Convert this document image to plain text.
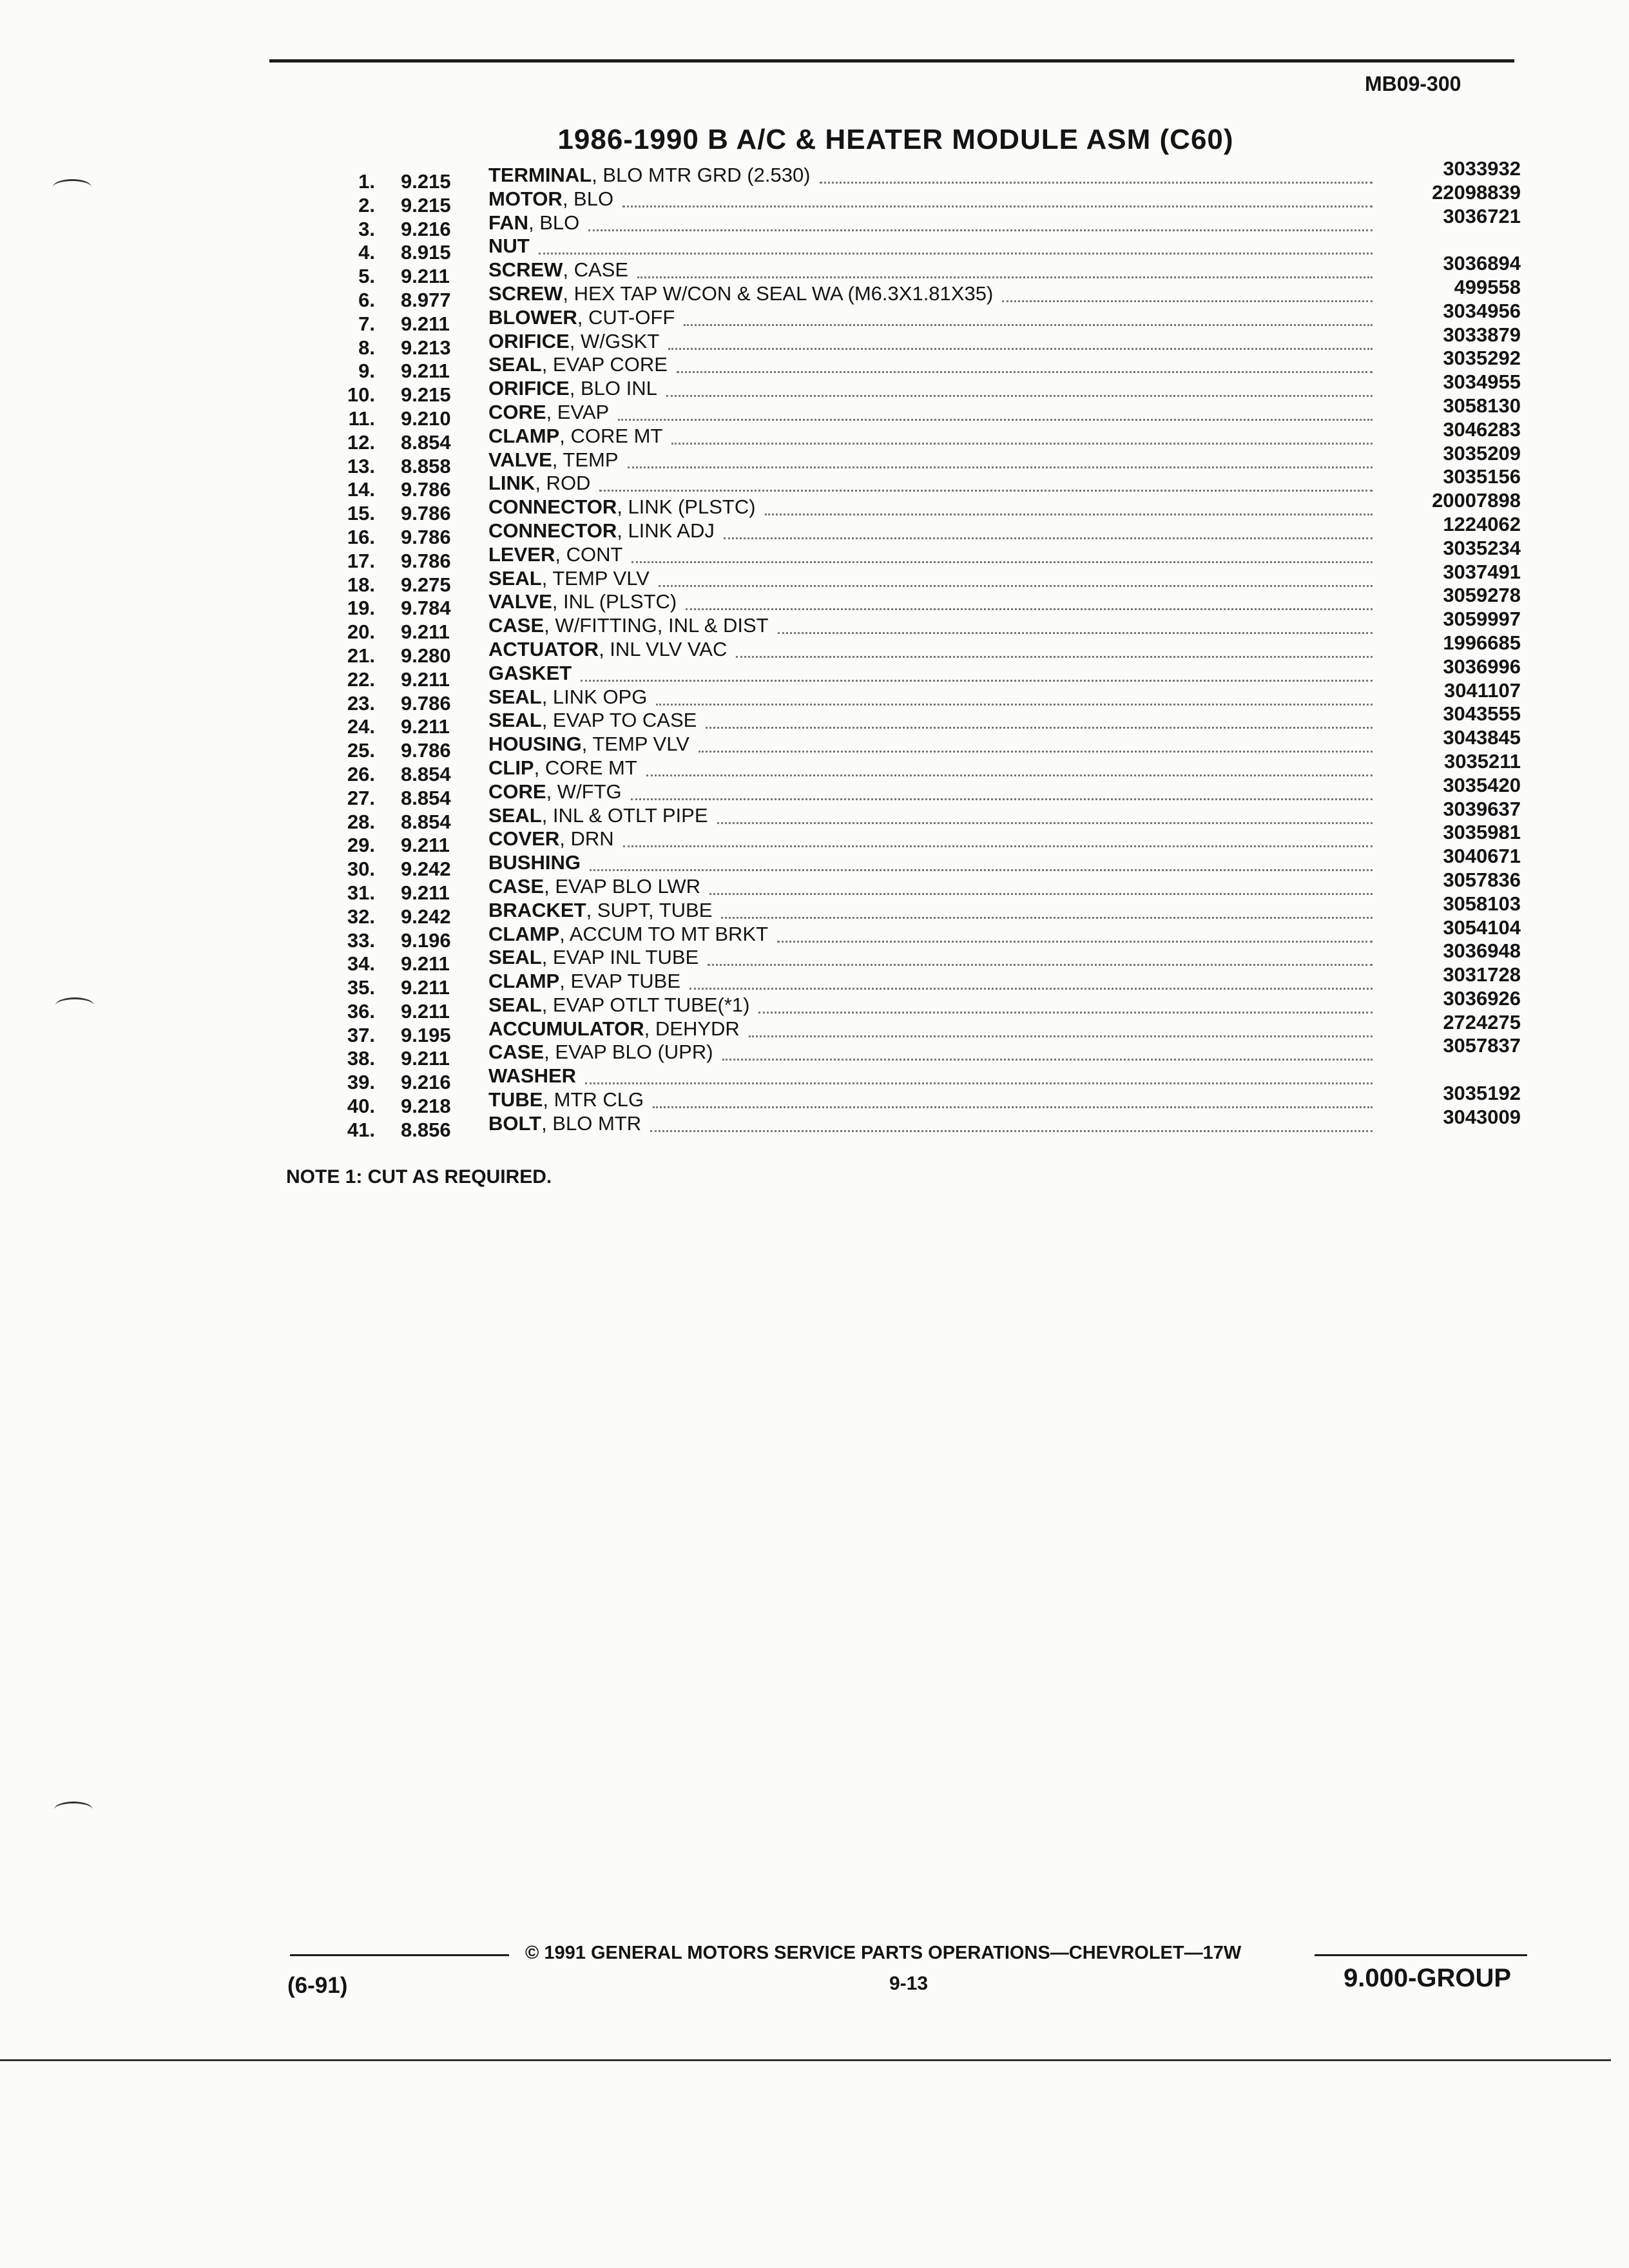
MB09-300
1986-1990 B A/C & HEATER MODULE ASM (C60)
1. 9.215 TERMINAL, BLO MTR GRD (2.530)	3033932
2. 9.215 MOTOR, BLO	22098839
3. 9.216 FAN, BLO	3036721
4. 8.915 NUT
5. 9.211 SCREW, CASE	3036894
6. 8.977 SCREW, HEX TAP W/CON & SEAL WA (M6.3X1.81X35)	499558
7. 9.211 BLOWER, CUT-OFF	3034956
8. 9.213 ORIFICE, W/GSKT	3033879
9. 9.211 SEAL, EVAP CORE	3035292
10. 9.215 ORIFICE, BLO INL	3034955
11. 9.210 CORE, EVAP	3058130
12. 8.854 CLAMP, CORE MT	3046283
13. 8.858 VALVE, TEMP	3035209
14. 9.786 LINK, ROD	3035156
15. 9.786 CONNECTOR, LINK (PLSTC)	20007898
16. 9.786 CONNECTOR, LINK ADJ	1224062
17. 9.786 LEVER, CONT	3035234
18. 9.275 SEAL, TEMP VLV	3037491
19. 9.784 VALVE, INL (PLSTC)	3059278
20. 9.211 CASE, W/FITTING, INL & DIST	3059997
21. 9.280 ACTUATOR, INL VLV VAC	1996685
22. 9.211 GASKET	3036996
23. 9.786 SEAL, LINK OPG	3041107
24. 9.211 SEAL, EVAP TO CASE	3043555
25. 9.786 HOUSING, TEMP VLV	3043845
26. 8.854 CLIP, CORE MT	3035211
27. 8.854 CORE, W/FTG	3035420
28. 8.854 SEAL, INL & OTLT PIPE	3039637
29. 9.211 COVER, DRN	3035981
30. 9.242 BUSHING	3040671
31. 9.211 CASE, EVAP BLO LWR	3057836
32. 9.242 BRACKET, SUPT, TUBE	3058103
33. 9.196 CLAMP, ACCUM TO MT BRKT	3054104
34. 9.211 SEAL, EVAP INL TUBE	3036948
35. 9.211 CLAMP, EVAP TUBE	3031728
36. 9.211 SEAL, EVAP OTLT TUBE(*1)	3036926
37. 9.195 ACCUMULATOR, DEHYDR	2724275
38. 9.211 CASE, EVAP BLO (UPR)	3057837
39. 9.216 WASHER
40. 9.218 TUBE, MTR CLG	3035192
41. 8.856 BOLT, BLO MTR	3043009
NOTE 1: CUT AS REQUIRED.
© 1991 GENERAL MOTORS SERVICE PARTS OPERATIONS—CHEVROLET—17W
(6-91)	9-13	9.000-GROUP
